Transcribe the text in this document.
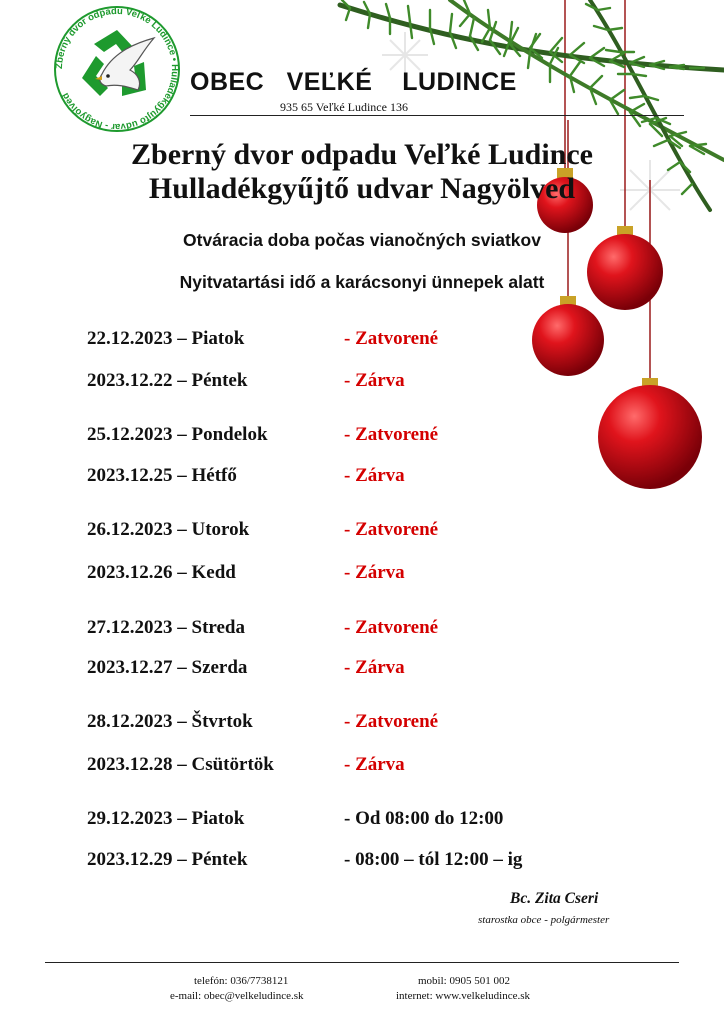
Zberný dvor odpadu Veľké Ludince • Hulladékgyűjtő udvar - Nagyölved	OBEC   VEĽKÉ    LUDINCE
935 65 Veľké Ludince 136
Zberný dvor odpadu Veľké Ludince
Hulladékgyűjtő udvar Nagyölved
Otváracia doba počas vianočných sviatkov
Nyitvatartási idő a karácsonyi ünnepek alatt
22.12.2023 – Piatok	- Zatvorené
2023.12.22 – Péntek	- Zárva
25.12.2023 – Pondelok	- Zatvorené
2023.12.25 – Hétfő	- Zárva
26.12.2023 – Utorok	- Zatvorené
2023.12.26 – Kedd	- Zárva
27.12.2023 – Streda	- Zatvorené
2023.12.27 – Szerda	- Zárva
28.12.2023 – Štvrtok	- Zatvorené
2023.12.28 – Csütörtök	- Zárva
29.12.2023 – Piatok	- Od 08:00 do 12:00
2023.12.29 – Péntek	- 08:00 – tól 12:00 – ig
Bc. Zita Cseri
starostka obce - polgármester
telefón: 036/7738121
e-mail: obec@velkeludince.sk
mobil: 0905 501 002
internet: www.velkeludince.sk
